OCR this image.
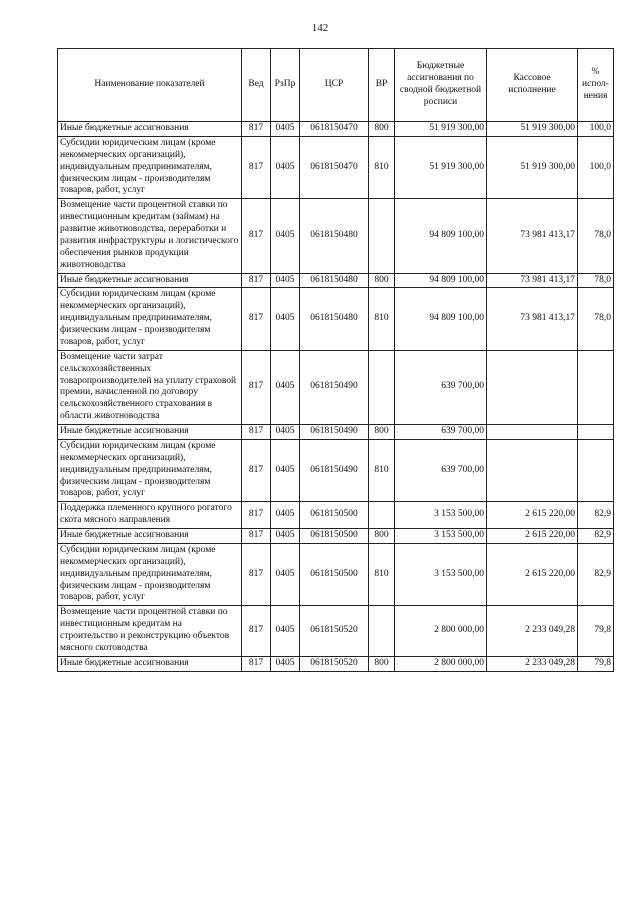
142
Наименование показателей	Вед	РзПр	ЦСР	ВР	Бюджетные ассигнования по сводной бюджетной росписи	Кассовое исполнение	% испол-нения
Иные бюджетные ассигнования	817	0405	0618150470	800	51 919 300,00	51 919 300,00	100,0
Субсидии юридическим лицам (кроме некоммерческих организаций), индивидуальным предпринимателям, физическим лицам - производителям товаров, работ, услуг	817	0405	0618150470	810	51 919 300,00	51 919 300,00	100,0
Возмещение части процентной ставки по инвестиционным кредитам (займам) на развитие животноводства, переработки и развития инфраструктуры и логистического обеспечения рынков продукции животноводства	817	0405	0618150480		94 809 100,00	73 981 413,17	78,0
Иные бюджетные ассигнования	817	0405	0618150480	800	94 809 100,00	73 981 413,17	78,0
Субсидии юридическим лицам (кроме некоммерческих организаций), индивидуальным предпринимателям, физическим лицам - производителям товаров, работ, услуг	817	0405	0618150480	810	94 809 100,00	73 981 413,17	78,0
Возмещение части затрат сельскохозяйственных товаропроизводителей на уплату страховой премии, начисленной по договору сельскохозяйственного страхования в области животноводства	817	0405	0618150490		639 700,00		
Иные бюджетные ассигнования	817	0405	0618150490	800	639 700,00		
Субсидии юридическим лицам (кроме некоммерческих организаций), индивидуальным предпринимателям, физическим лицам - производителям товаров, работ, услуг	817	0405	0618150490	810	639 700,00		
Поддержка племенного крупного рогатого скота мясного направления	817	0405	0618150500		3 153 500,00	2 615 220,00	82,9
Иные бюджетные ассигнования	817	0405	0618150500	800	3 153 500,00	2 615 220,00	82,9
Субсидии юридическим лицам (кроме некоммерческих организаций), индивидуальным предпринимателям, физическим лицам - производителям товаров, работ, услуг	817	0405	0618150500	810	3 153 500,00	2 615 220,00	82,9
Возмещение части процентной ставки по инвестиционным кредитам на строительство и реконструкцию объектов мясного скотоводства	817	0405	0618150520		2 800 000,00	2 233 049,28	79,8
Иные бюджетные ассигнования	817	0405	0618150520	800	2 800 000,00	2 233 049,28	79,8
